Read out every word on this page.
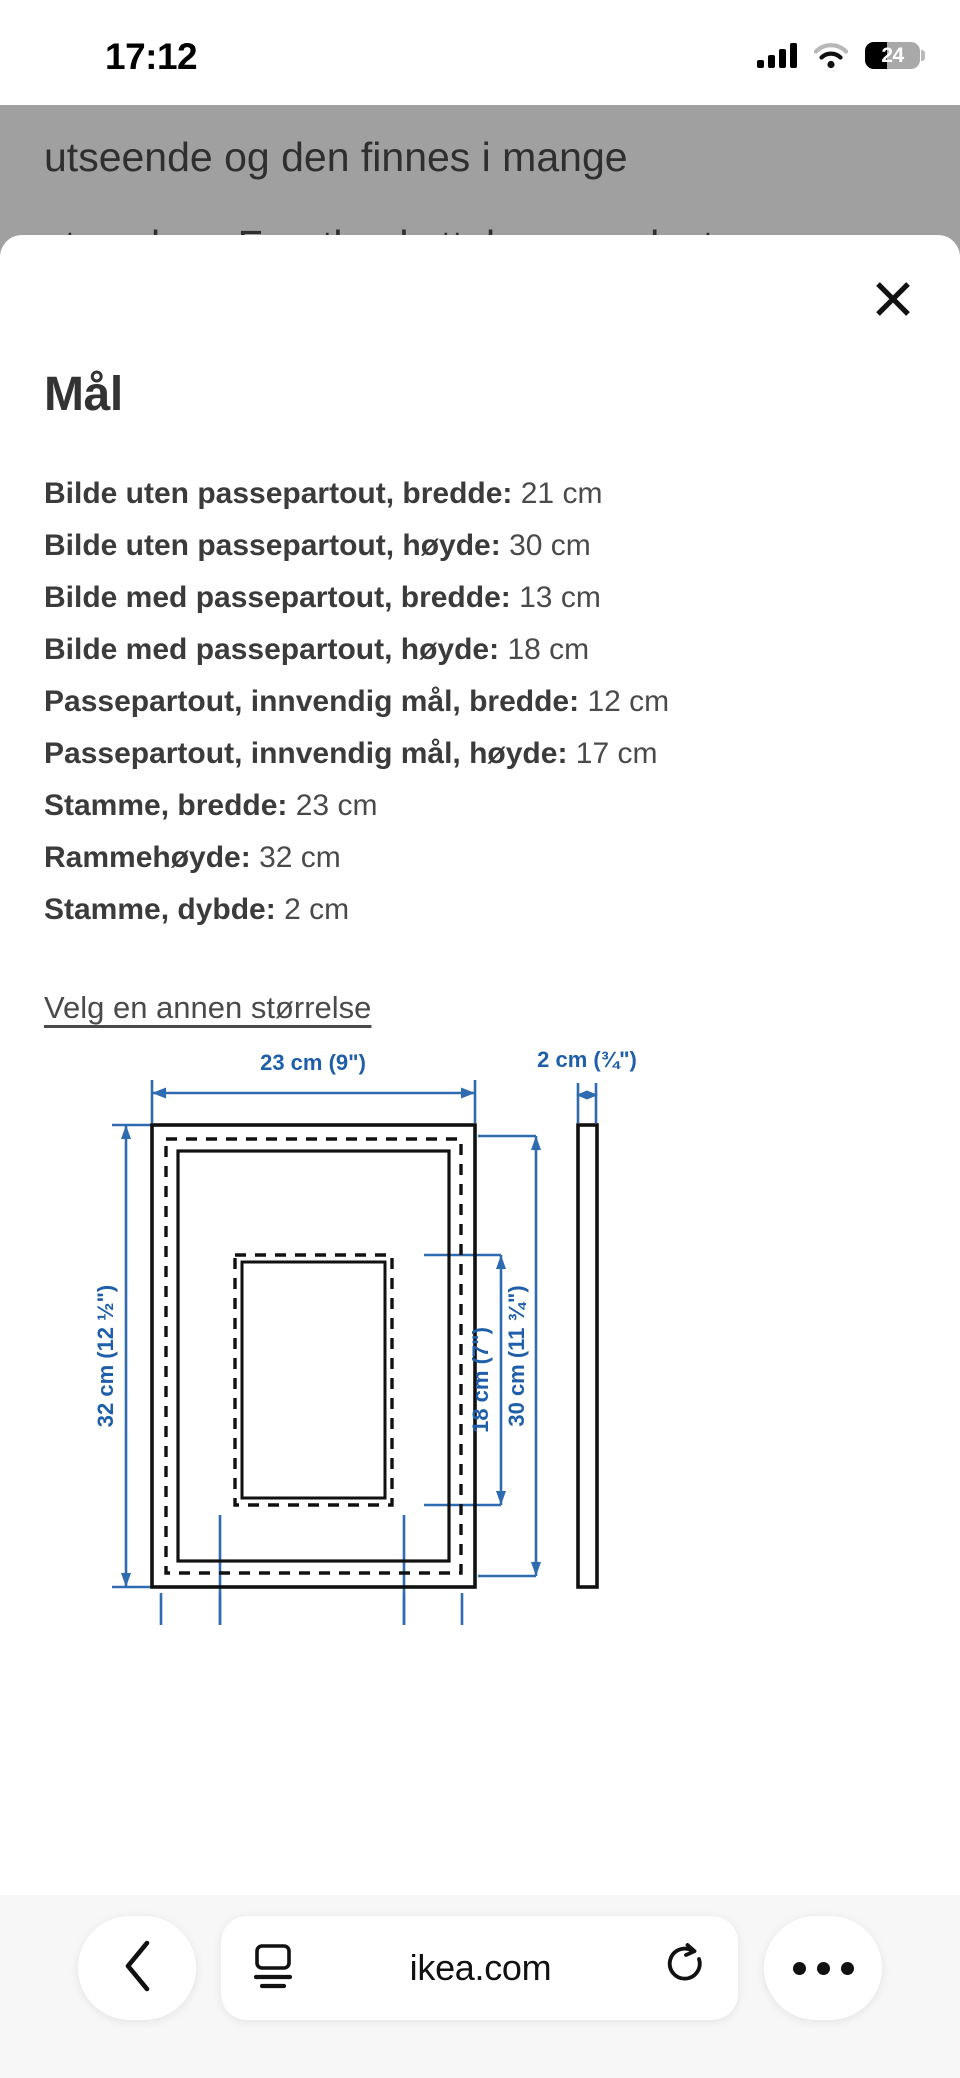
utseende og den finnes i mange

17:12	24
Mål
Bilde uten passepartout, bredde: 21 cm
Bilde uten passepartout, høyde: 30 cm
Bilde med passepartout, bredde: 13 cm
Bilde med passepartout, høyde: 18 cm
Passepartout, innvendig mål, bredde: 12 cm
Passepartout, innvendig mål, høyde: 17 cm
Stamme, bredde: 23 cm
Rammehøyde: 32 cm
Stamme, dybde: 2 cm
Velg en annen størrelse
23 cm (9")	2 cm (¾")
32 cm (12 ½")	18 cm (7") 30 cm (11 ¾")
ikea.com
